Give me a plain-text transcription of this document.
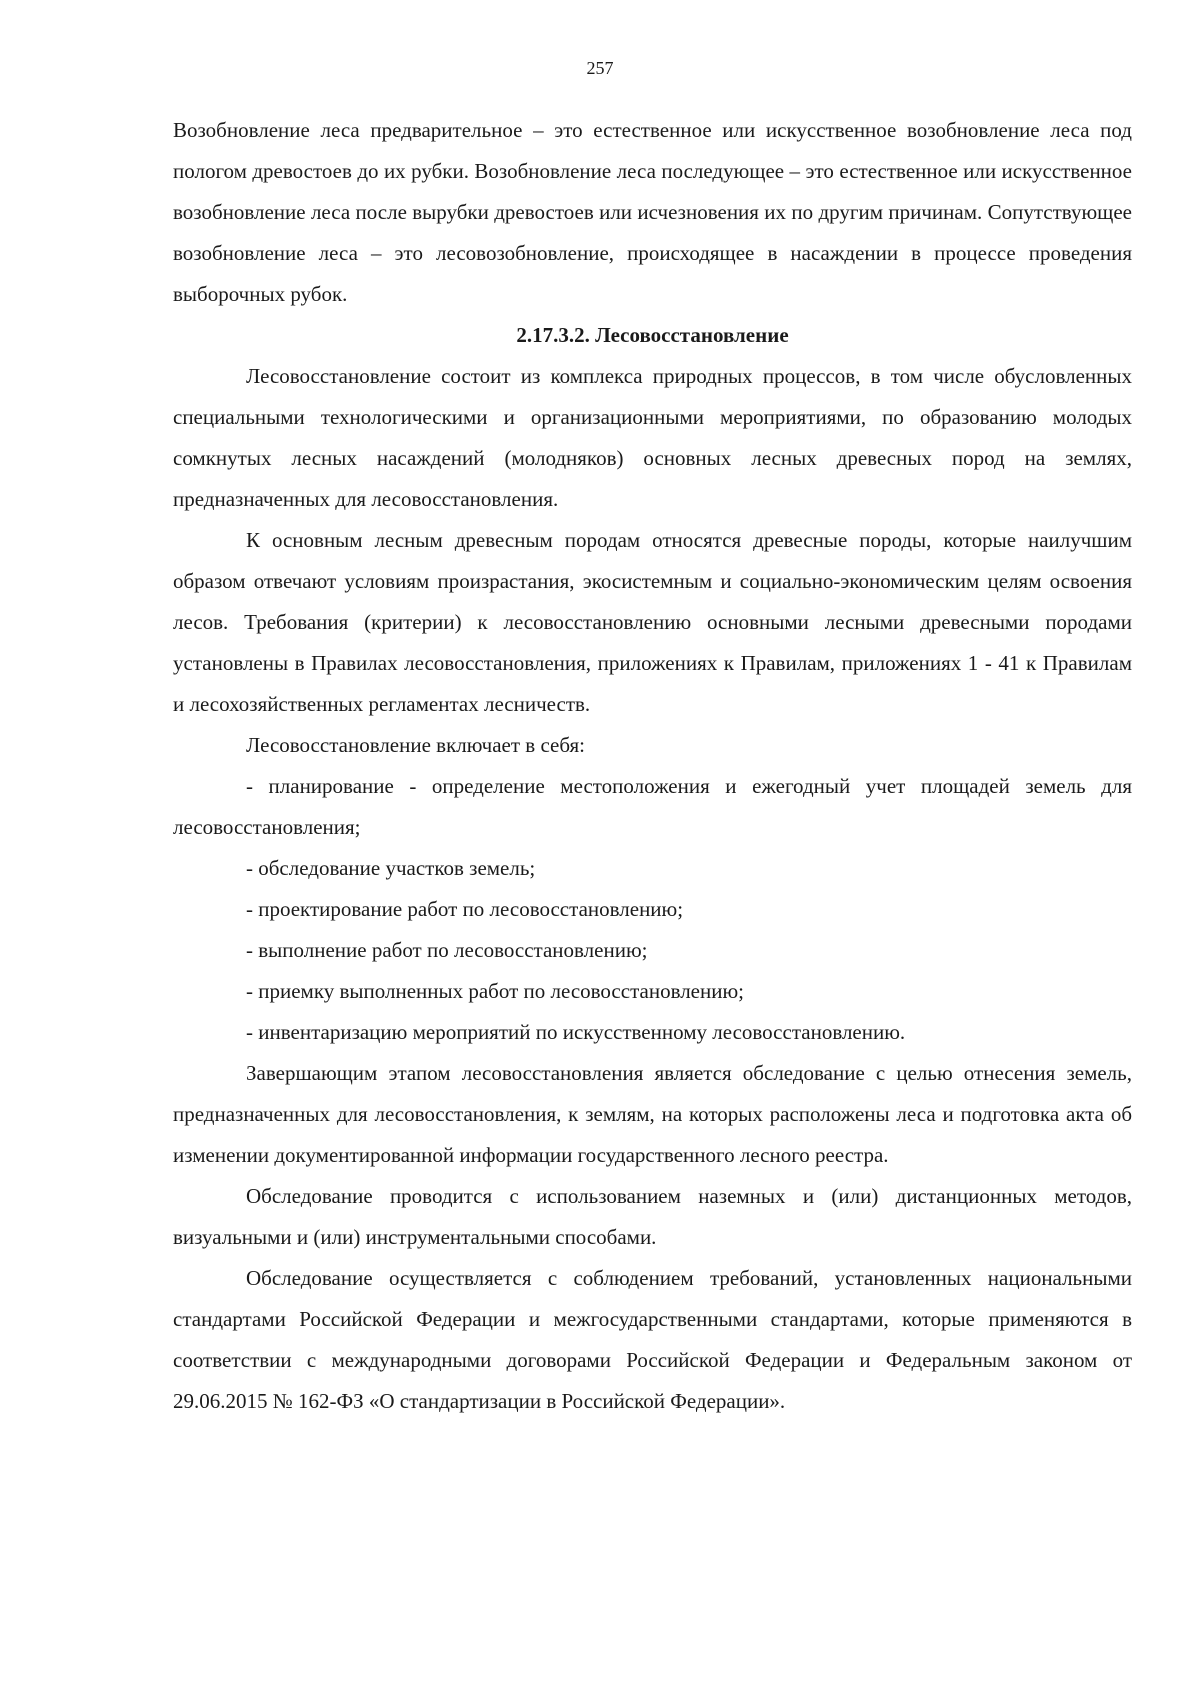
257

Возобновление леса предварительное – это естественное или искусственное возобновление леса под пологом древостоев до их рубки. Возобновление леса последующее – это естественное или искусственное возобновление леса после вырубки древостоев или исчезновения их по другим причинам. Сопутствующее возобновление леса – это лесовозобновление, происходящее в насаждении в процессе проведения выборочных рубок.

2.17.3.2. Лесовосстановление

Лесовосстановление состоит из комплекса природных процессов, в том числе обусловленных специальными технологическими и организационными мероприятиями, по образованию молодых сомкнутых лесных насаждений (молодняков) основных лесных древесных пород на землях, предназначенных для лесовосстановления.

К основным лесным древесным породам относятся древесные породы, которые наилучшим образом отвечают условиям произрастания, экосистемным и социально-экономическим целям освоения лесов. Требования (критерии) к лесовосстановлению основными лесными древесными породами установлены в Правилах лесовосстановления, приложениях к Правилам, приложениях 1 - 41 к Правилам и лесохозяйственных регламентах лесничеств.

Лесовосстановление включает в себя:

- планирование - определение местоположения и ежегодный учет площадей земель для лесовосстановления;

- обследование участков земель;

- проектирование работ по лесовосстановлению;

- выполнение работ по лесовосстановлению;

- приемку выполненных работ по лесовосстановлению;

- инвентаризацию мероприятий по искусственному лесовосстановлению.

Завершающим этапом лесовосстановления является обследование с целью отнесения земель, предназначенных для лесовосстановления, к землям, на которых расположены леса и подготовка акта об изменении документированной информации государственного лесного реестра.

Обследование проводится с использованием наземных и (или) дистанционных методов, визуальными и (или) инструментальными способами.

Обследование осуществляется с соблюдением требований, установленных национальными стандартами Российской Федерации и межгосударственными стандартами, которые применяются в соответствии с международными договорами Российской Федерации и Федеральным законом от 29.06.2015 № 162-ФЗ «О стандартизации в Российской Федерации».
